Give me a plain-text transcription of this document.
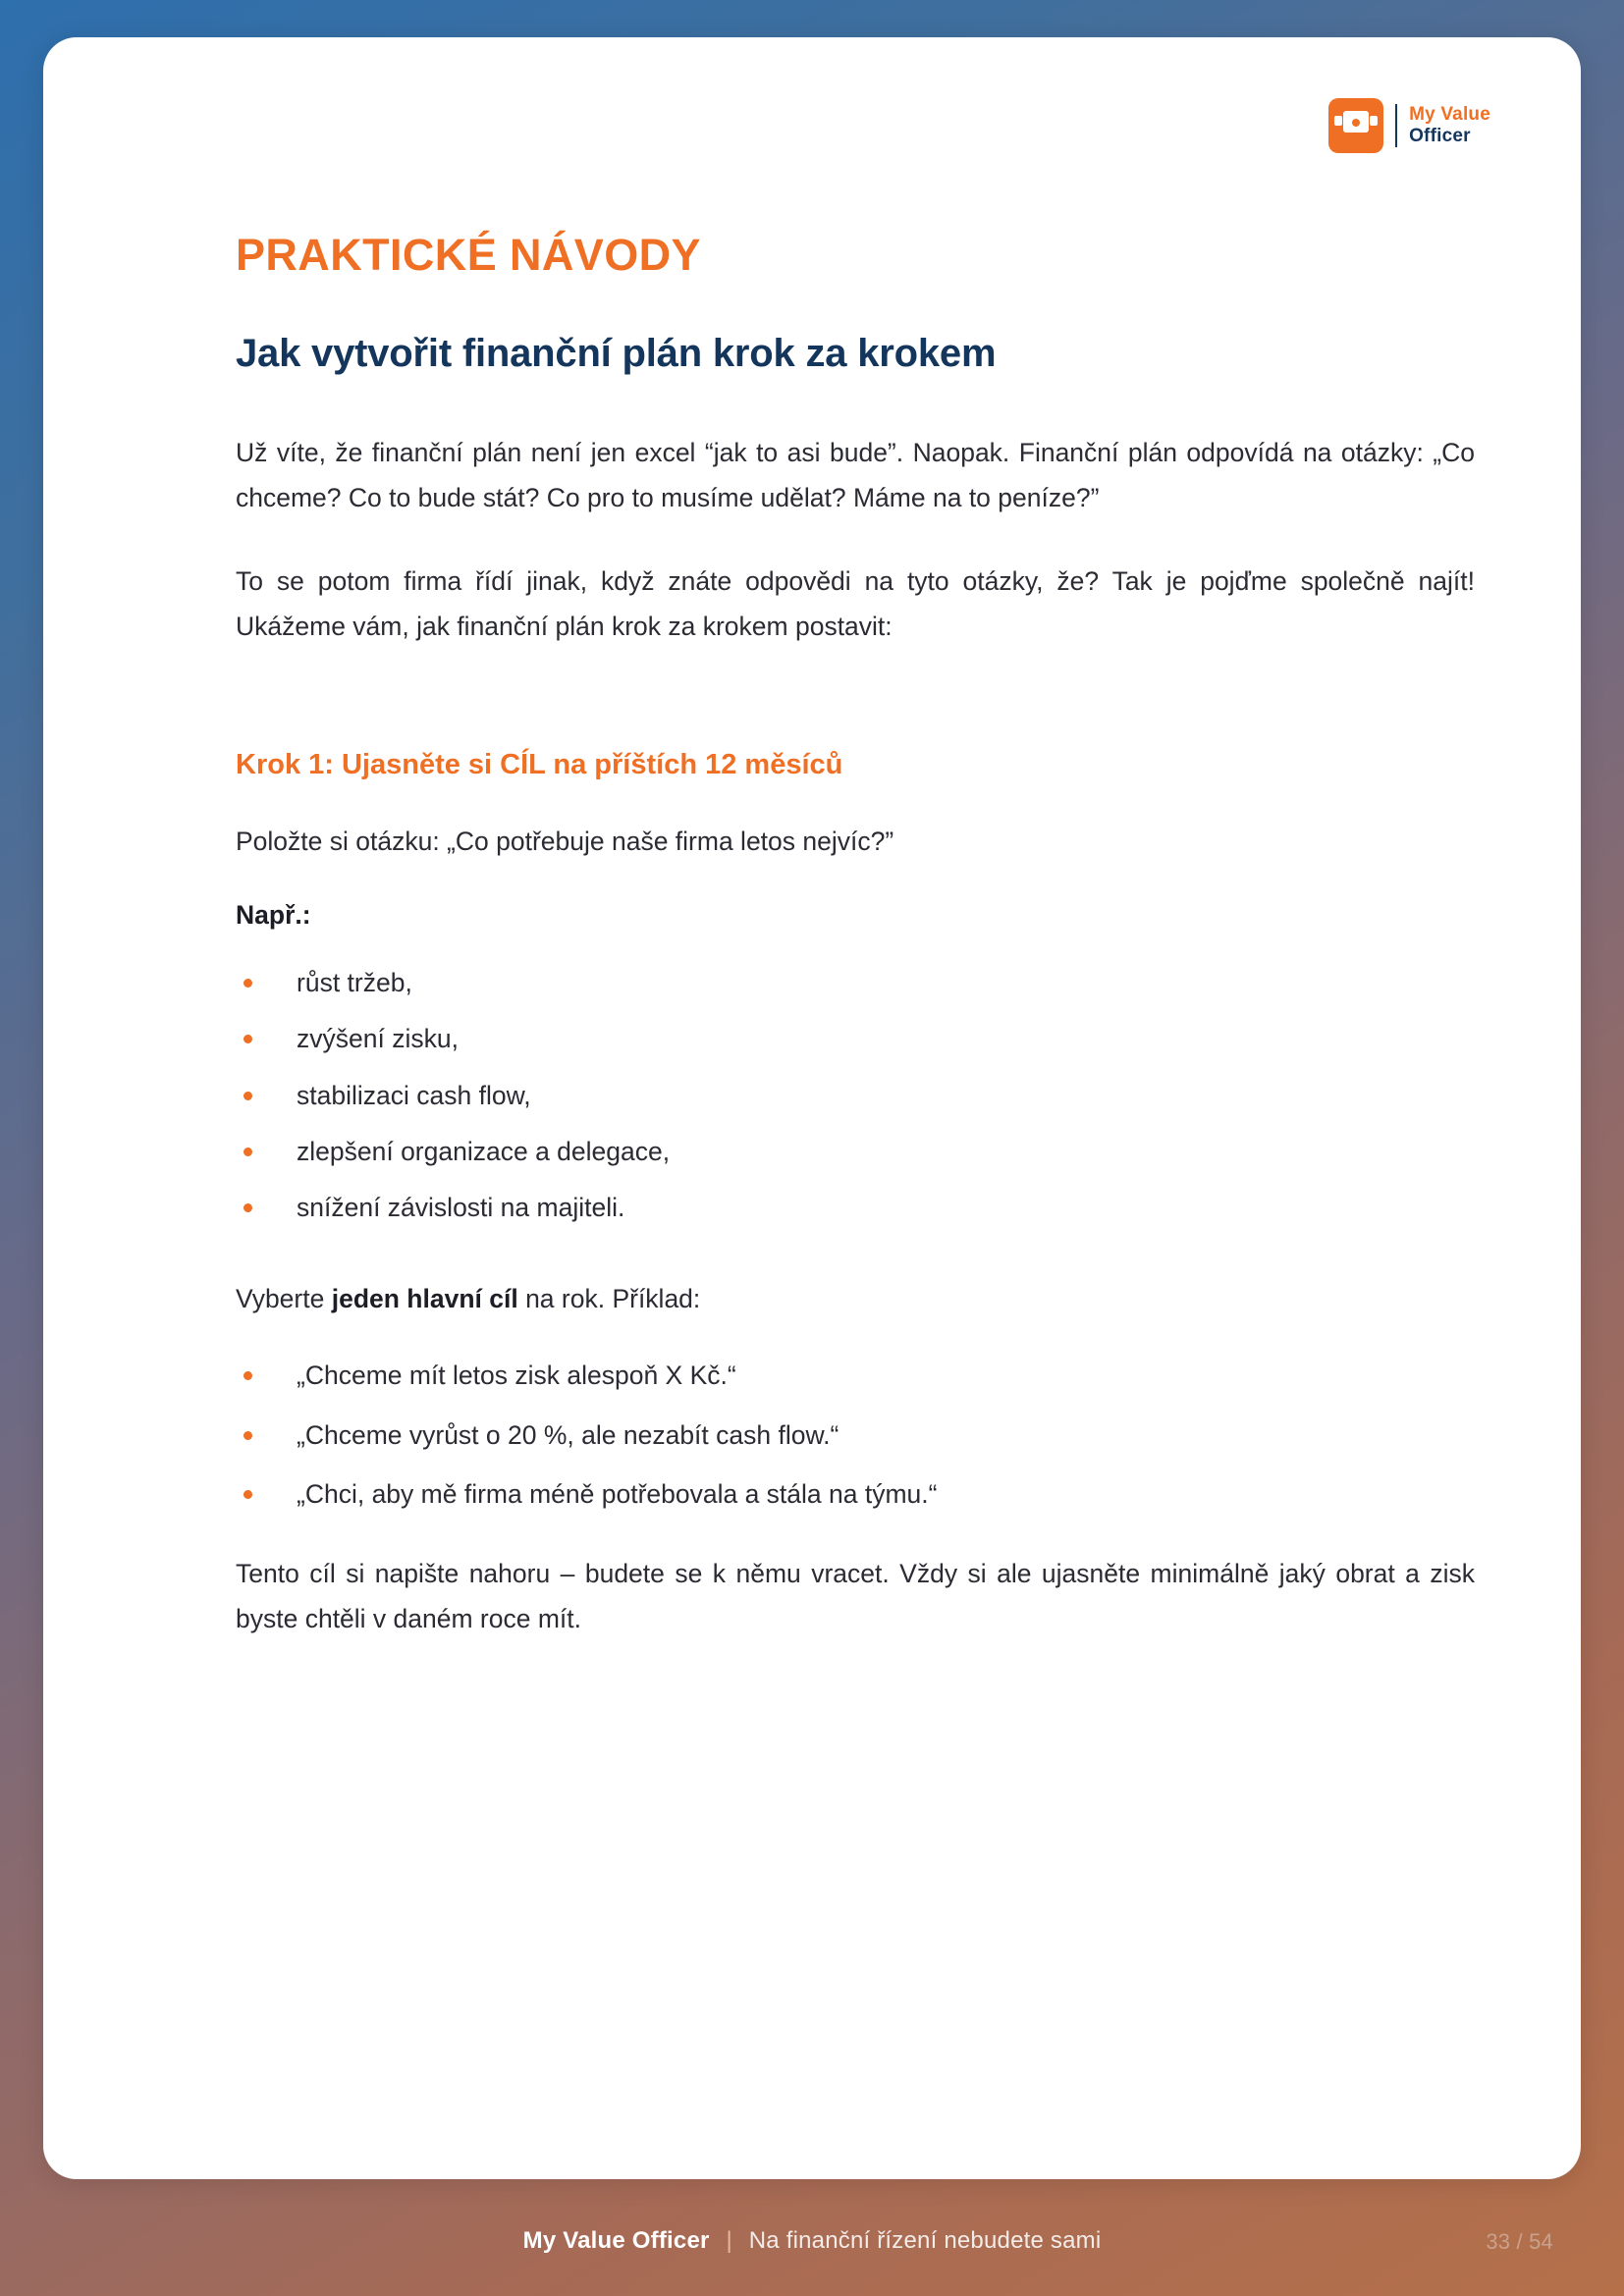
My Value
Officer
PRAKTICKÉ NÁVODY
Jak vytvořit finanční plán krok za krokem

Už víte, že finanční plán není jen excel “jak to asi bude”. Naopak. Finanční plán odpovídá na otázky: „Co chceme? Co to bude stát? Co pro to musíme udělat? Máme na to peníze?”

To se potom firma řídí jinak, když znáte odpovědi na tyto otázky, že? Tak je pojďme společně najít! Ukážeme vám, jak finanční plán krok za krokem postavit:

Krok 1: Ujasněte si CÍL na příštích 12 měsíců

Položte si otázku: „Co potřebuje naše firma letos nejvíc?”

Např.:

růst tržeb,
zvýšení zisku,
stabilizaci cash flow,
zlepšení organizace a delegace,
snížení závislosti na majiteli.

Vyberte jeden hlavní cíl na rok. Příklad:

„Chceme mít letos zisk alespoň X Kč.“
„Chceme vyrůst o 20 %, ale nezabít cash flow.“
„Chci, aby mě firma méně potřebovala a stála na týmu.“

Tento cíl si napište nahoru – budete se k němu vracet. Vždy si ale ujasněte minimálně jaký obrat a zisk byste chtěli v daném roce mít.

My Value Officer | Na finanční řízení nebudete sami	33 / 54
